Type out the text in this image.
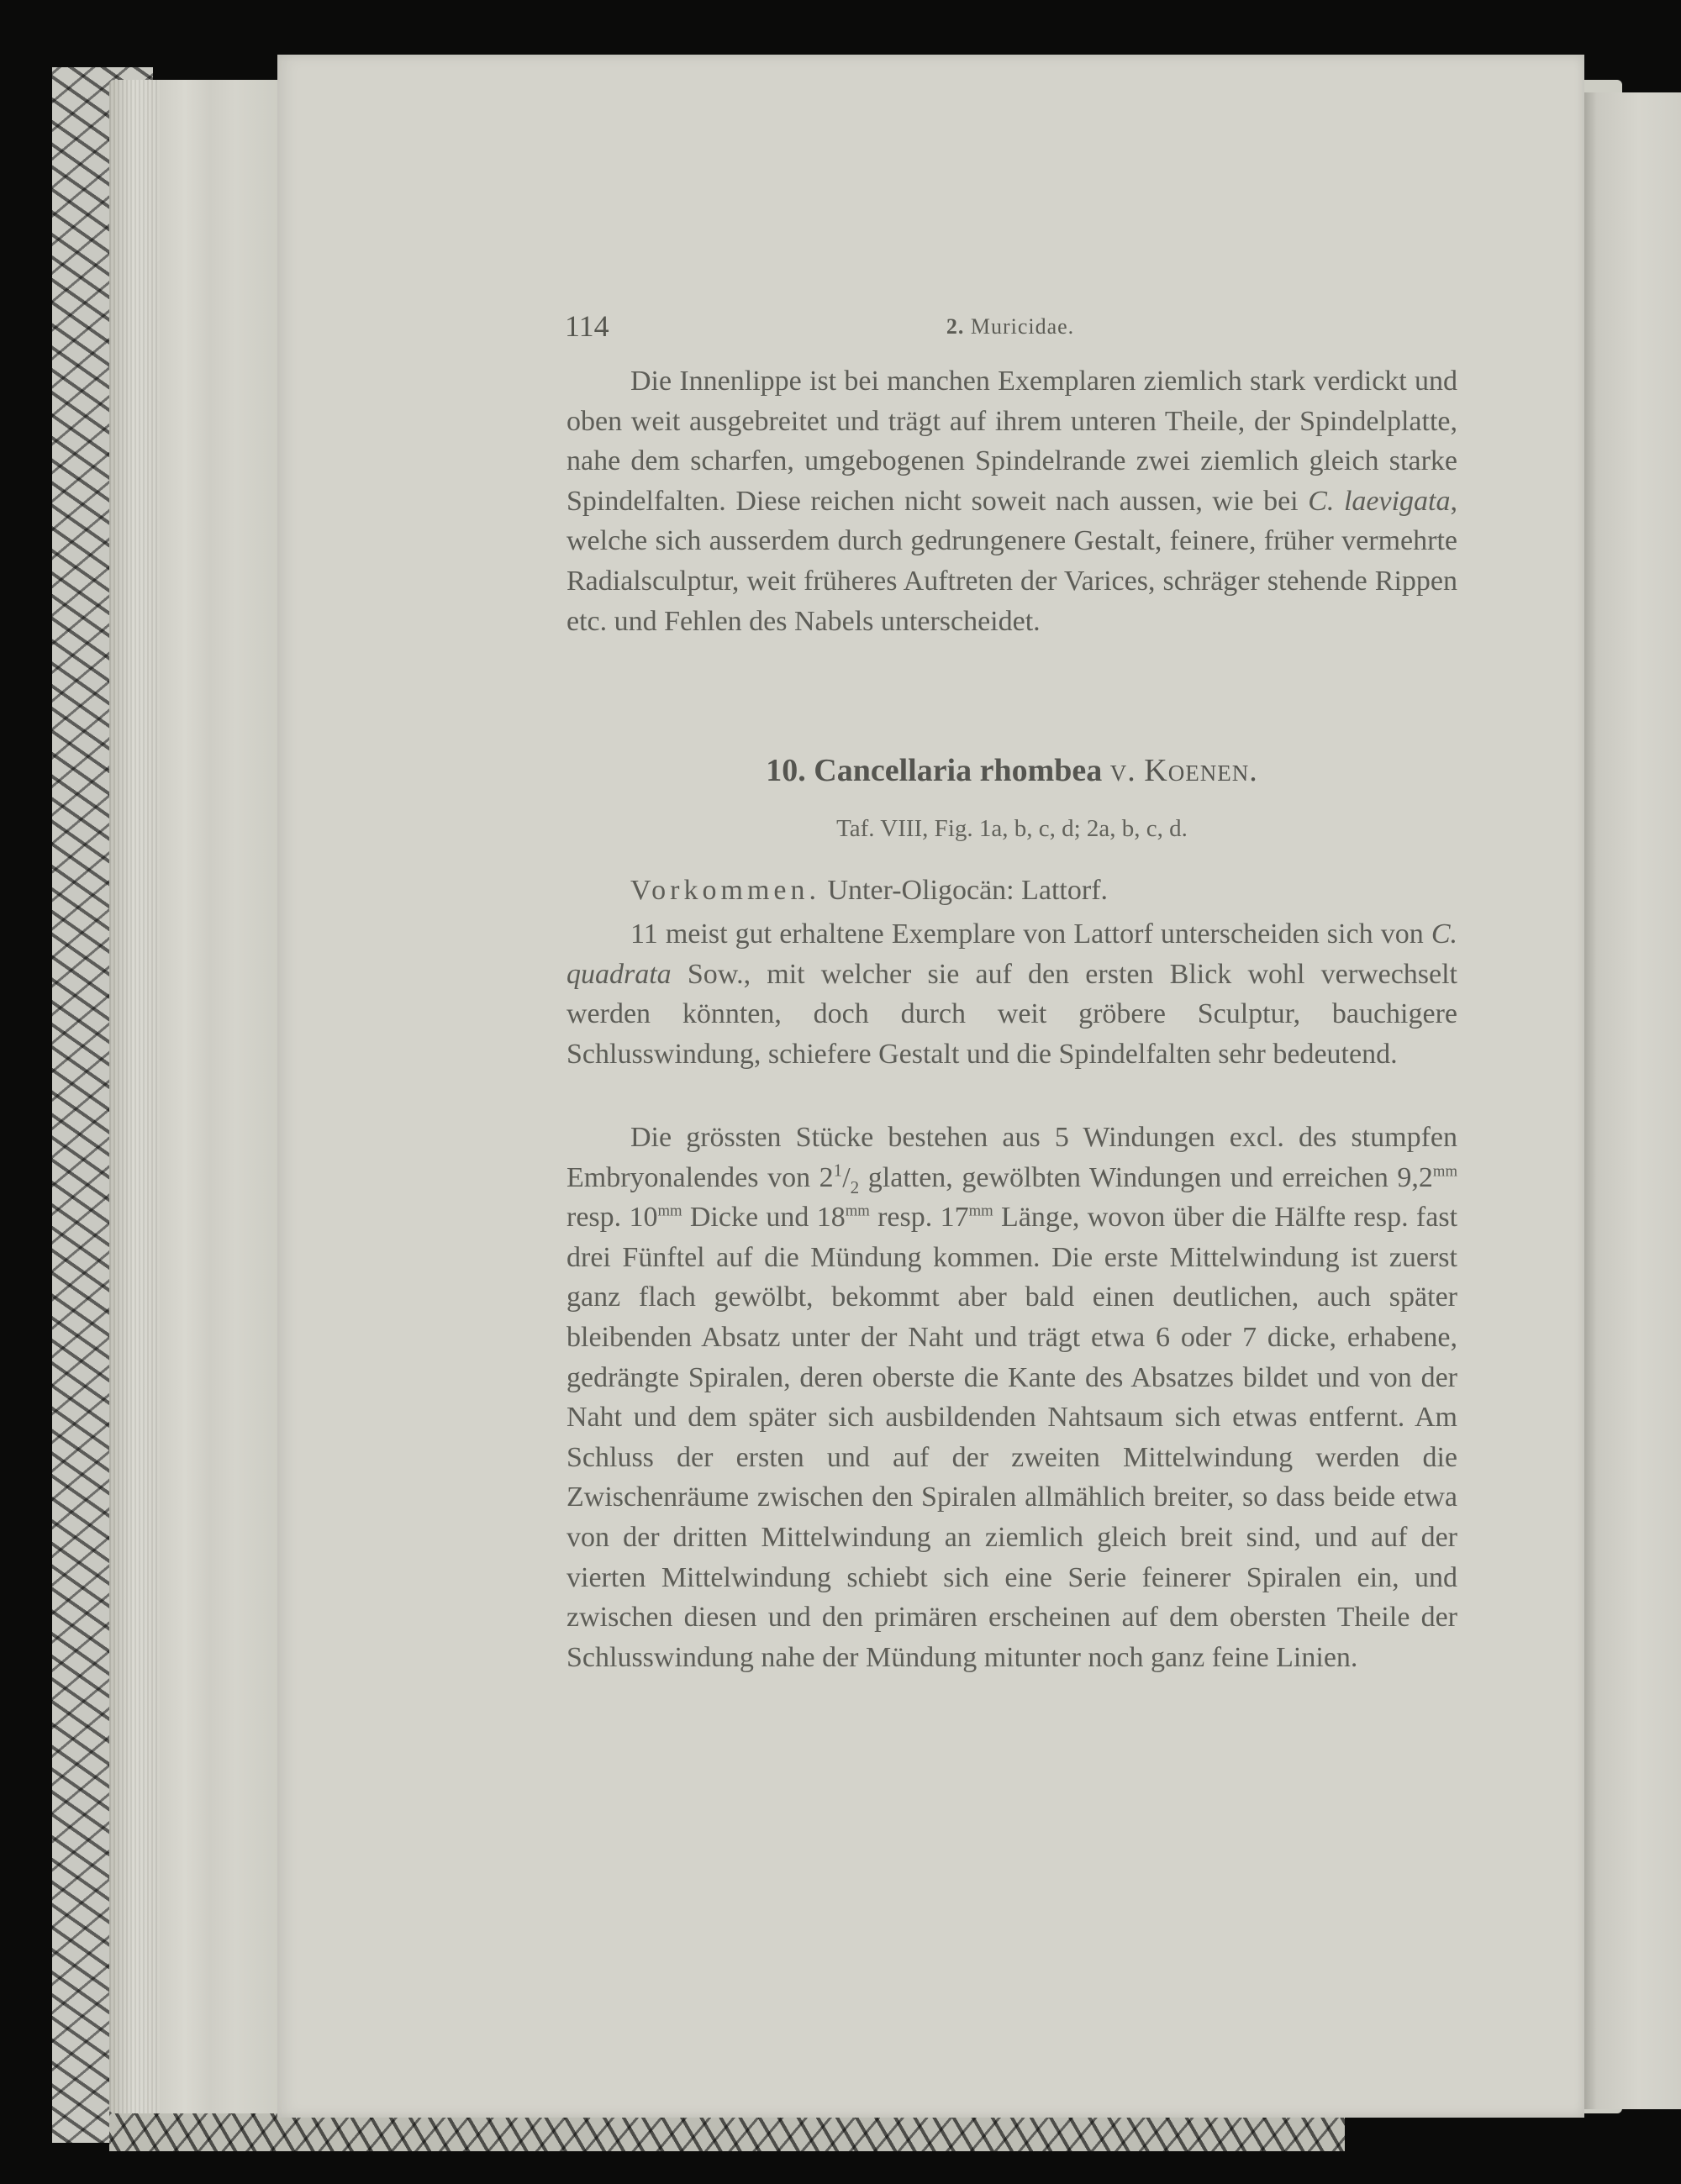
114	2. Muricidae.

Die Innenlippe ist bei manchen Exemplaren ziemlich stark verdickt und oben weit ausgebreitet und trägt auf ihrem unteren Theile, der Spindelplatte, nahe dem scharfen, umgebogenen Spindelrande zwei ziemlich gleich starke Spindelfalten. Diese reichen nicht soweit nach aussen, wie bei C. laevigata, welche sich ausserdem durch gedrungenere Gestalt, feinere, früher vermehrte Radialsculptur, weit früheres Auftreten der Varices, schräger stehende Rippen etc. und Fehlen des Nabels unterscheidet.

10. Cancellaria rhombea v. Koenen.
Taf. VIII, Fig. 1a, b, c, d; 2a, b, c, d.

Vorkommen. Unter-Oligocän: Lattorf.

11 meist gut erhaltene Exemplare von Lattorf unterscheiden sich von C. quadrata Sow., mit welcher sie auf den ersten Blick wohl verwechselt werden könnten, doch durch weit gröbere Sculptur, bauchigere Schlusswindung, schiefere Gestalt und die Spindelfalten sehr bedeutend.

Die grössten Stücke bestehen aus 5 Windungen excl. des stumpfen Embryonalendes von $2^1/_2$ glatten, gewölbten Windungen und erreichen $9,2^{mm}$ resp. $10^{mm}$ Dicke und $18^{mm}$ resp. $17^{mm}$ Länge, wovon über die Hälfte resp. fast drei Fünftel auf die Mündung kommen. Die erste Mittelwindung ist zuerst ganz flach gewölbt, bekommt aber bald einen deutlichen, auch später bleibenden Absatz unter der Naht und trägt etwa 6 oder 7 dicke, erhabene, gedrängte Spiralen, deren oberste die Kante des Absatzes bildet und von der Naht und dem später sich ausbildenden Nahtsaum sich etwas entfernt. Am Schluss der ersten und auf der zweiten Mittelwindung werden die Zwischenräume zwischen den Spiralen allmählich breiter, so dass beide etwa von der dritten Mittelwindung an ziemlich gleich breit sind, und auf der vierten Mittelwindung schiebt sich eine Serie feinerer Spiralen ein, und zwischen diesen und den primären erscheinen auf dem obersten Theile der Schlusswindung nahe der Mündung mitunter noch ganz feine Linien.
